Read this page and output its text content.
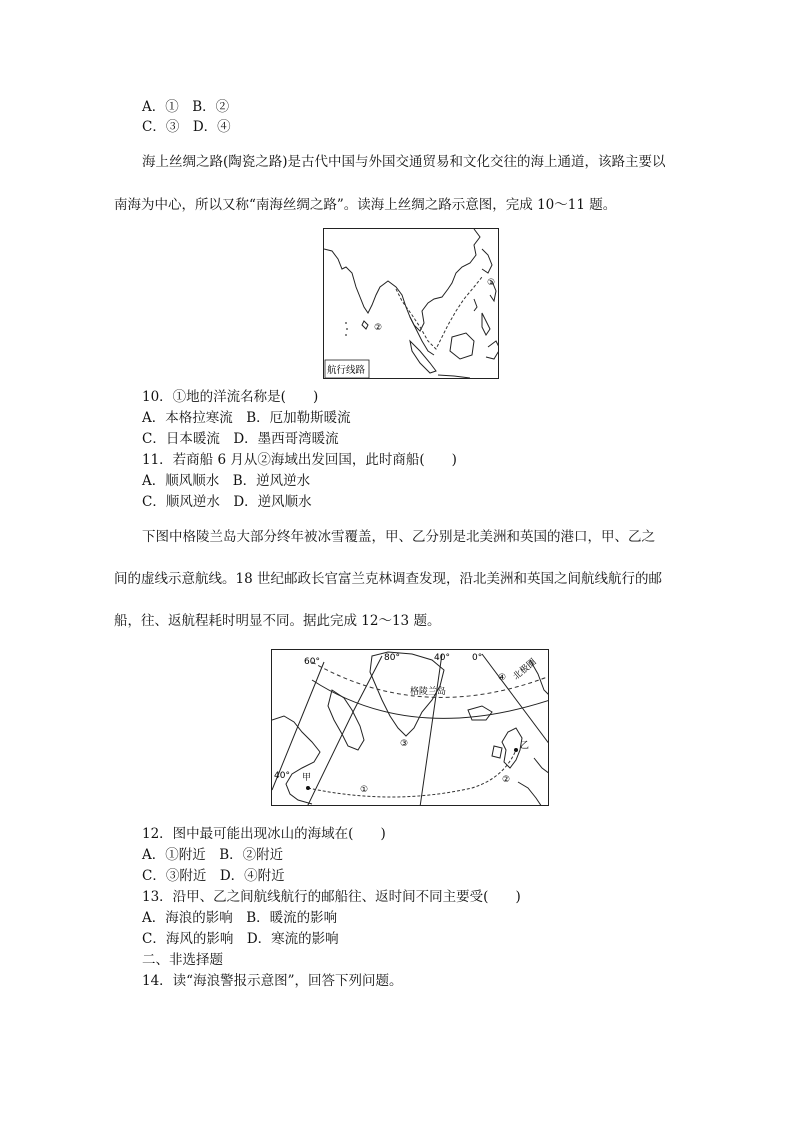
A．①　B．②
C．③　D．④
海上丝绸之路(陶瓷之路)是古代中国与外国交通贸易和文化交往的海上通道，该路主要以
南海为中心，所以又称“南海丝绸之路”。读海上丝绸之路示意图，完成 10～11 题。
①
②
航行线路
10．①地的洋流名称是(　　)
A．本格拉寒流　B．厄加勒斯暖流
C．日本暖流　D．墨西哥湾暖流
11．若商船 6 月从②海域出发回国，此时商船(　　)
A．顺风顺水　B．逆风逆水
C．顺风逆水　D．逆风顺水
下图中格陵兰岛大部分终年被冰雪覆盖，甲、乙分别是北美洲和英国的港口，甲、乙之
间的虚线示意航线。18 世纪邮政长官富兰克林调查发现，沿北美洲和英国之间航线航行的邮
船，往、返航程耗时明显不同。据此完成 12～13 题。
60°	80°	40° 0°
40°
格陵兰岛
甲
乙
①
②
③
④ 北极圈
12．图中最可能出现冰山的海域在(　　)
A．①附近　B．②附近
C．③附近　D．④附近
13．沿甲、乙之间航线航行的邮船往、返时间不同主要受(　　)
A．海浪的影响　B．暖流的影响
C．海风的影响　D．寒流的影响
二、非选择题
14．读“海浪警报示意图”，回答下列问题。
